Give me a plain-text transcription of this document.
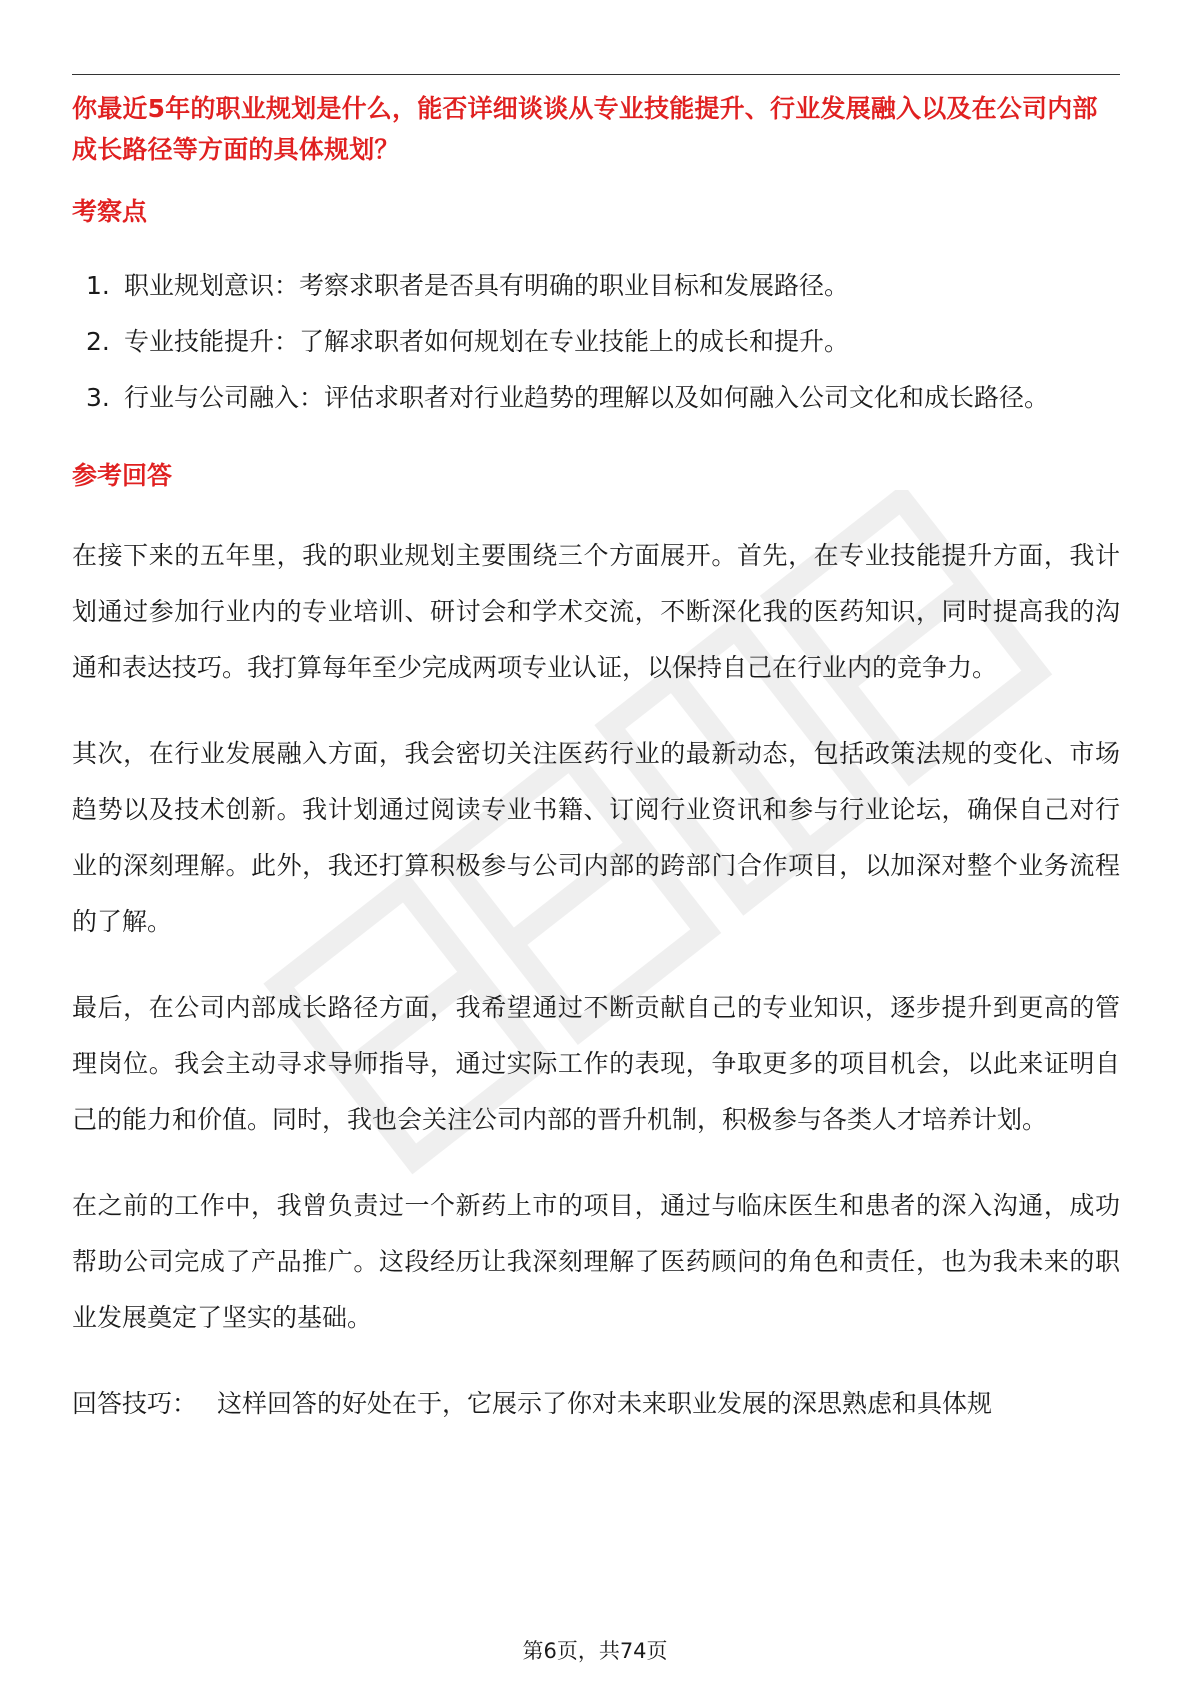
你最近5年的职业规划是什么，能否详细谈谈从专业技能提升、行业发展融入以及在公司内部成长路径等方面的具体规划？

考察点
1. 职业规划意识：考察求职者是否具有明确的职业目标和发展路径。
2. 专业技能提升：了解求职者如何规划在专业技能上的成长和提升。
3. 行业与公司融入：评估求职者对行业趋势的理解以及如何融入公司文化和成长路径。
参考回答

在接下来的五年里，我的职业规划主要围绕三个方面展开。首先，在专业技能提升方面，我计划通过参加行业内的专业培训、研讨会和学术交流，不断深化我的医药知识，同时提高我的沟通和表达技巧。我打算每年至少完成两项专业认证，以保持自己在行业内的竞争力。

其次，在行业发展融入方面，我会密切关注医药行业的最新动态，包括政策法规的变化、市场趋势以及技术创新。我计划通过阅读专业书籍、订阅行业资讯和参与行业论坛，确保自己对行业的深刻理解。此外，我还打算积极参与公司内部的跨部门合作项目，以加深对整个业务流程的了解。

最后，在公司内部成长路径方面，我希望通过不断贡献自己的专业知识，逐步提升到更高的管理岗位。我会主动寻求导师指导，通过实际工作的表现，争取更多的项目机会，以此来证明自己的能力和价值。同时，我也会关注公司内部的晋升机制，积极参与各类人才培养计划。

在之前的工作中，我曾负责过一个新药上市的项目，通过与临床医生和患者的深入沟通，成功帮助公司完成了产品推广。这段经历让我深刻理解了医药顾问的角色和责任，也为我未来的职业发展奠定了坚实的基础。

回答技巧： 这样回答的好处在于，它展示了你对未来职业发展的深思熟虑和具体规

第6页，共74页
